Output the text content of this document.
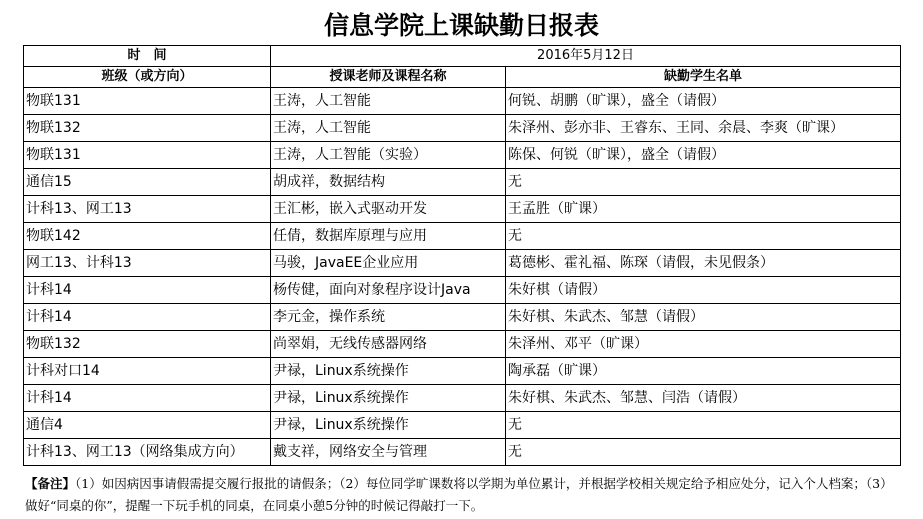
信息学院上课缺勤日报表
时　间	2016年5月12日	
班级（或方向）	授课老师及课程名称	缺勤学生名单
物联131	王涛，人工智能	何锐、胡鹏（旷课），盛全（请假）
物联132	王涛，人工智能	朱泽州、彭亦非、王睿东、王同、余晨、李爽（旷课）
物联131	王涛，人工智能（实验）	陈保、何锐（旷课），盛全（请假）
通信15	胡成祥，数据结构	无
计科13、网工13	王汇彬，嵌入式驱动开发	王孟胜（旷课）
物联142	任倩，数据库原理与应用	无
网工13、计科13	马骏，JavaEE企业应用	葛德彬、霍礼福、陈琛（请假，未见假条）
计科14	杨传健，面向对象程序设计Java	朱好棋（请假）
计科14	李元金，操作系统	朱好棋、朱武杰、邹慧（请假）
物联132	尚翠娟，无线传感器网络	朱泽州、邓平（旷课）
计科对口14	尹禄，Linux系统操作	陶承磊（旷课）
计科14	尹禄，Linux系统操作	朱好棋、朱武杰、邹慧、闫浩（请假）
通信4	尹禄，Linux系统操作	无
计科13、网工13（网络集成方向）	戴支祥，网络安全与管理	无
【备注】（1）如因病因事请假需提交履行报批的请假条；（2）每位同学旷课数将以学期为单位累计，并根据学校相关规定给予相应处分，记入个人档案；（3）做好“同桌的你”，提醒一下玩手机的同桌，在同桌小憩5分钟的时候记得敲打一下。
